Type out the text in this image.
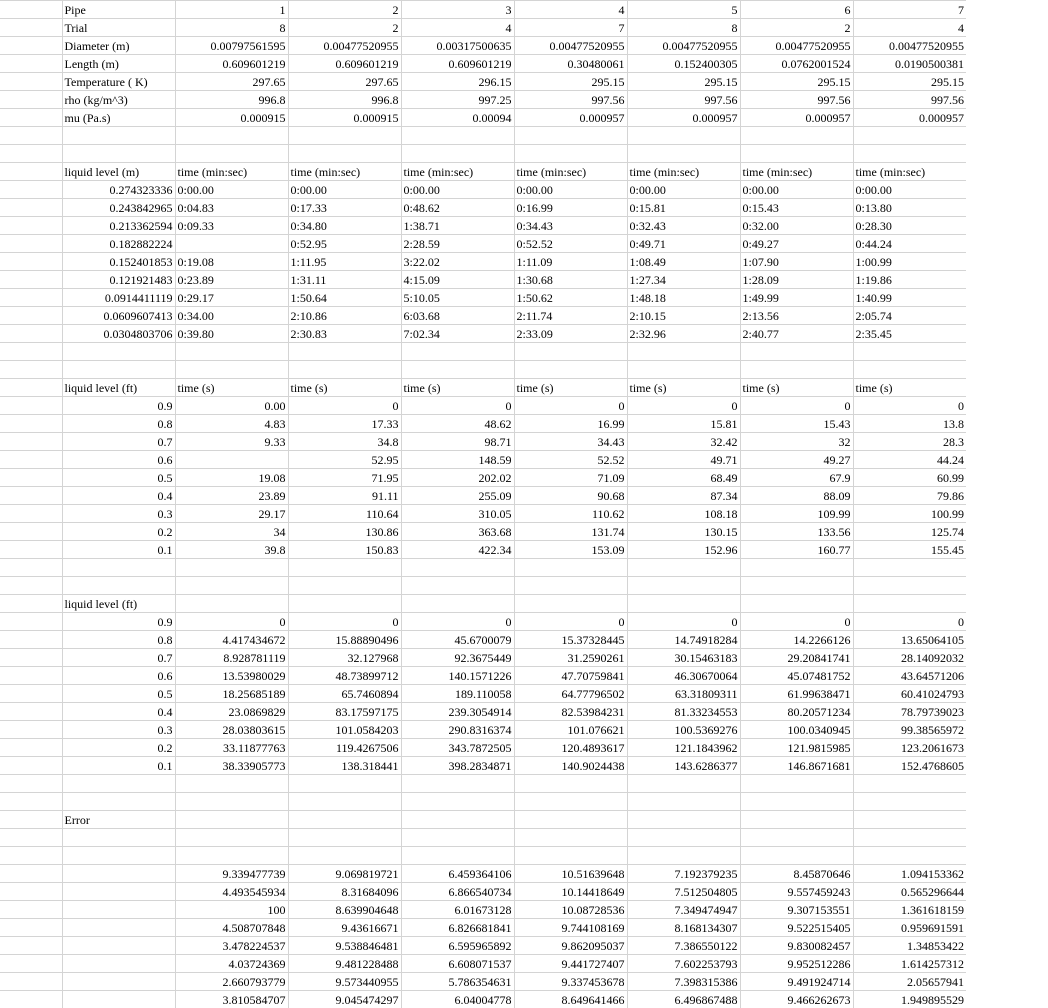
	Pipe	1	2	3	4	5	6	7
	Trial	8	2	4	7	8	2	4
	Diameter (m)	0.00797561595	0.00477520955	0.00317500635	0.00477520955	0.00477520955	0.00477520955	0.00477520955
	Length (m)	0.609601219	0.609601219	0.609601219	0.30480061	0.152400305	0.0762001524	0.0190500381
	Temperature ( K)	297.65	297.65	296.15	295.15	295.15	295.15	295.15
	rho (kg/m^3)	996.8	996.8	997.25	997.56	997.56	997.56	997.56
	mu (Pa.s)	0.000915	0.000915	0.00094	0.000957	0.000957	0.000957	0.000957

	liquid level (m)	time (min:sec)	time (min:sec)	time (min:sec)	time (min:sec)	time (min:sec)	time (min:sec)	time (min:sec)
	0.274323336	0:00.00	0:00.00	0:00.00	0:00.00	0:00.00	0:00.00	0:00.00
	0.243842965	0:04.83	0:17.33	0:48.62	0:16.99	0:15.81	0:15.43	0:13.80
	0.213362594	0:09.33	0:34.80	1:38.71	0:34.43	0:32.43	0:32.00	0:28.30
	0.182882224		0:52.95	2:28.59	0:52.52	0:49.71	0:49.27	0:44.24
	0.152401853	0:19.08	1:11.95	3:22.02	1:11.09	1:08.49	1:07.90	1:00.99
	0.121921483	0:23.89	1:31.11	4:15.09	1:30.68	1:27.34	1:28.09	1:19.86
	0.0914411119	0:29.17	1:50.64	5:10.05	1:50.62	1:48.18	1:49.99	1:40.99
	0.0609607413	0:34.00	2:10.86	6:03.68	2:11.74	2:10.15	2:13.56	2:05.74
	0.0304803706	0:39.80	2:30.83	7:02.34	2:33.09	2:32.96	2:40.77	2:35.45

	liquid level (ft)	time (s)	time (s)	time (s)	time (s)	time (s)	time (s)	time (s)
	0.9	0.00	0	0	0	0	0	0
	0.8	4.83	17.33	48.62	16.99	15.81	15.43	13.8
	0.7	9.33	34.8	98.71	34.43	32.42	32	28.3
	0.6		52.95	148.59	52.52	49.71	49.27	44.24
	0.5	19.08	71.95	202.02	71.09	68.49	67.9	60.99
	0.4	23.89	91.11	255.09	90.68	87.34	88.09	79.86
	0.3	29.17	110.64	310.05	110.62	108.18	109.99	100.99
	0.2	34	130.86	363.68	131.74	130.15	133.56	125.74
	0.1	39.8	150.83	422.34	153.09	152.96	160.77	155.45

	liquid level (ft)							
	0.9	0	0	0	0	0	0	0
	0.8	4.417434672	15.88890496	45.6700079	15.37328445	14.74918284	14.2266126	13.65064105
	0.7	8.928781119	32.127968	92.3675449	31.2590261	30.15463183	29.20841741	28.14092032
	0.6	13.53980029	48.73899712	140.1571226	47.70759841	46.30670064	45.07481752	43.64571206
	0.5	18.25685189	65.7460894	189.110058	64.77796502	63.31809311	61.99638471	60.41024793
	0.4	23.0869829	83.17597175	239.3054914	82.53984231	81.33234553	80.20571234	78.79739023
	0.3	28.03803615	101.0584203	290.8316374	101.076621	100.5369276	100.0340945	99.38565972
	0.2	33.11877763	119.4267506	343.7872505	120.4893617	121.1843962	121.9815985	123.2061673
	0.1	38.33905773	138.318441	398.2834871	140.9024438	143.6286377	146.8671681	152.4768605

	Error							

		9.339477739	9.069819721	6.459364106	10.51639648	7.192379235	8.45870646	1.094153362
		4.493545934	8.31684096	6.866540734	10.14418649	7.512504805	9.557459243	0.565296644
		100	8.639904648	6.01673128	10.08728536	7.349474947	9.307153551	1.361618159
		4.508707848	9.43616671	6.826681841	9.744108169	8.168134307	9.522515405	0.959691591
		3.478224537	9.538846481	6.595965892	9.862095037	7.386550122	9.830082457	1.34853422
		4.03724369	9.481228488	6.608071537	9.441727407	7.602253793	9.952512286	1.614257312
		2.660793779	9.573440955	5.786354631	9.337453678	7.398315386	9.491924714	2.05657941
		3.810584707	9.045474297	6.04004778	8.649641466	6.496867488	9.466262673	1.949895529
